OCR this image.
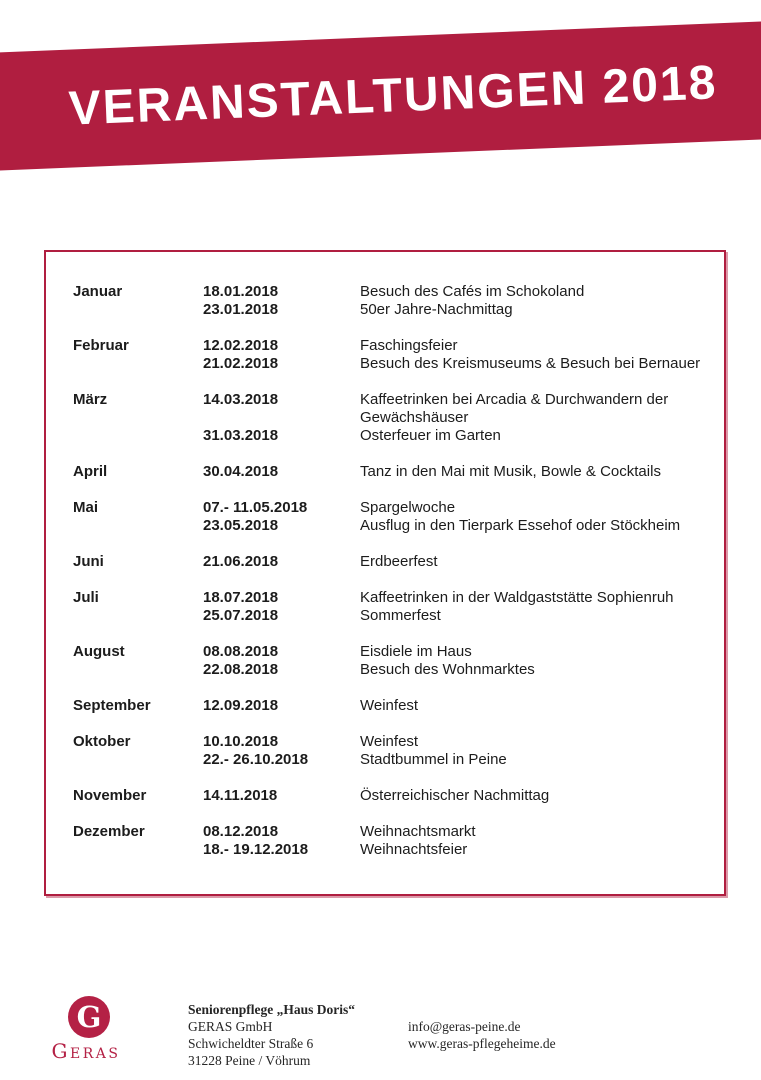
VERANSTALTUNGEN 2018
Januar	18.01.2018	Besuch des Cafés im Schokoland
23.01.2018	50er Jahre-Nachmittag
Februar	12.02.2018	Faschingsfeier
21.02.2018	Besuch des Kreismuseums & Besuch bei Bernauer
März	14.03.2018	Kaffeetrinken bei Arcadia & Durchwandern der Gewächshäuser
31.03.2018	Osterfeuer im Garten
April	30.04.2018	Tanz in den Mai mit Musik, Bowle & Cocktails
Mai	07.- 11.05.2018	Spargelwoche
23.05.2018	Ausflug in den Tierpark Essehof oder Stöckheim
Juni	21.06.2018	Erdbeerfest
Juli	18.07.2018	Kaffeetrinken in der Waldgaststätte Sophienruh
25.07.2018	Sommerfest
August	08.08.2018	Eisdiele im Haus
22.08.2018	Besuch des Wohnmarktes
September	12.09.2018	Weinfest
Oktober	10.10.2018	Weinfest
22.- 26.10.2018	Stadtbummel in Peine
November	14.11.2018	Österreichischer Nachmittag
Dezember	08.12.2018	Weihnachtsmarkt
18.- 19.12.2018	Weihnachtsfeier
G
GERAS
Seniorenpflege „Haus Doris“
GERAS GmbH
Schwicheldter Straße 6
31228 Peine / Vöhrum
info@geras-peine.de
www.geras-pflegeheime.de
